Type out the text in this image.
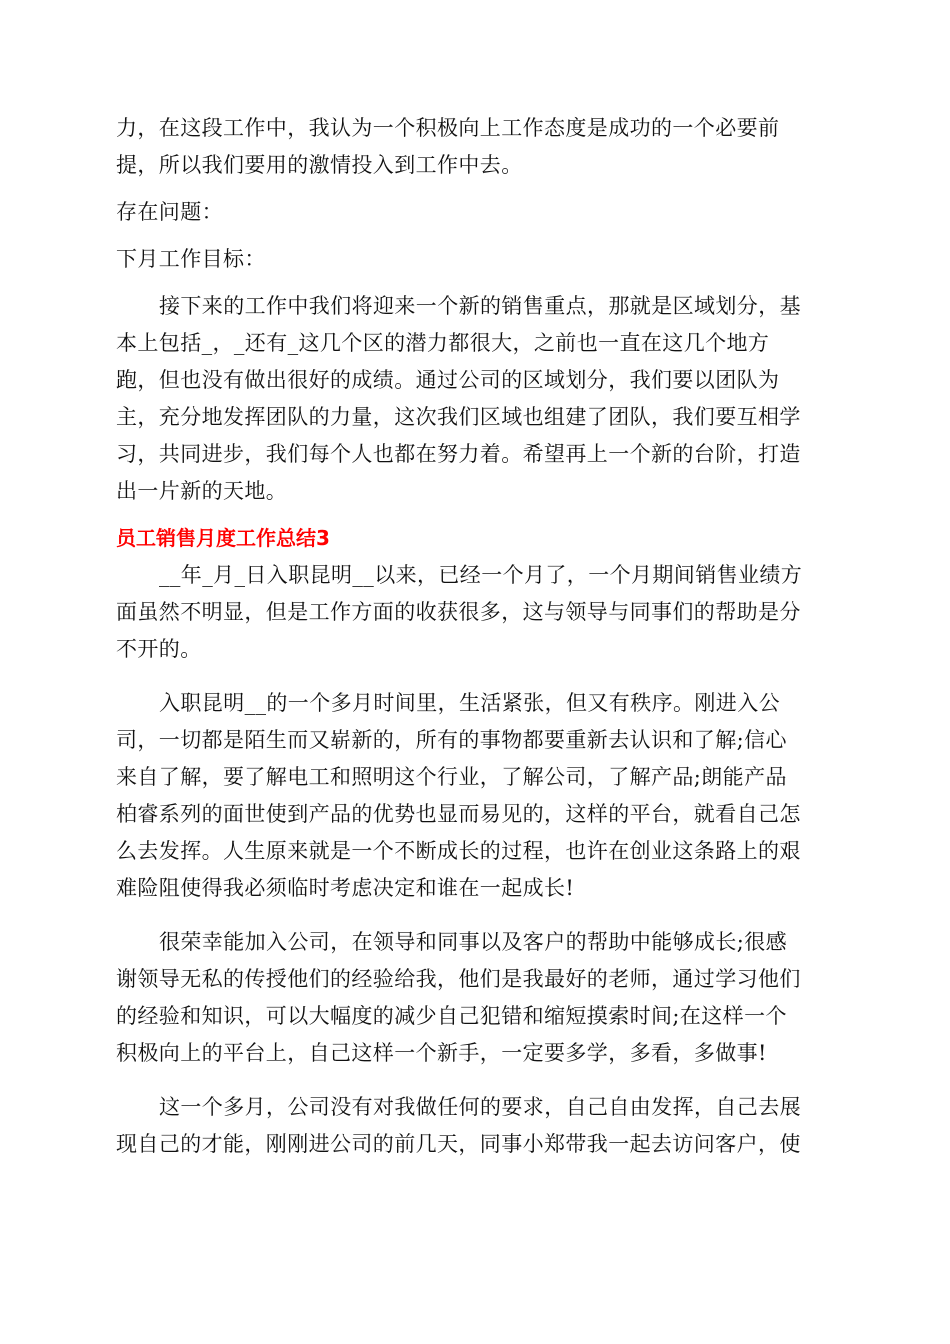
力，在这段工作中，我认为一个积极向上工作态度是成功的一个必要前
提，所以我们要用的激情投入到工作中去。
存在问题：
下月工作目标：
接下来的工作中我们将迎来一个新的销售重点，那就是区域划分，基
本上包括_，_还有_这几个区的潜力都很大，之前也一直在这几个地方
跑，但也没有做出很好的成绩。通过公司的区域划分，我们要以团队为
主，充分地发挥团队的力量，这次我们区域也组建了团队，我们要互相学
习，共同进步，我们每个人也都在努力着。希望再上一个新的台阶，打造
出一片新的天地。
员工销售月度工作总结3
__年_月_日入职昆明__以来，已经一个月了，一个月期间销售业绩方
面虽然不明显，但是工作方面的收获很多，这与领导与同事们的帮助是分
不开的。
入职昆明__的一个多月时间里，生活紧张，但又有秩序。刚进入公
司，一切都是陌生而又崭新的，所有的事物都要重新去认识和了解;信心
来自了解，要了解电工和照明这个行业，了解公司，了解产品;朗能产品
柏睿系列的面世使到产品的优势也显而易见的，这样的平台，就看自己怎
么去发挥。人生原来就是一个不断成长的过程，也许在创业这条路上的艰
难险阻使得我必须临时考虑决定和谁在一起成长!
很荣幸能加入公司，在领导和同事以及客户的帮助中能够成长;很感
谢领导无私的传授他们的经验给我，他们是我最好的老师，通过学习他们
的经验和知识，可以大幅度的减少自己犯错和缩短摸索时间;在这样一个
积极向上的平台上，自己这样一个新手，一定要多学，多看，多做事!
这一个多月，公司没有对我做任何的要求，自己自由发挥，自己去展
现自己的才能，刚刚进公司的前几天，同事小郑带我一起去访问客户，使
